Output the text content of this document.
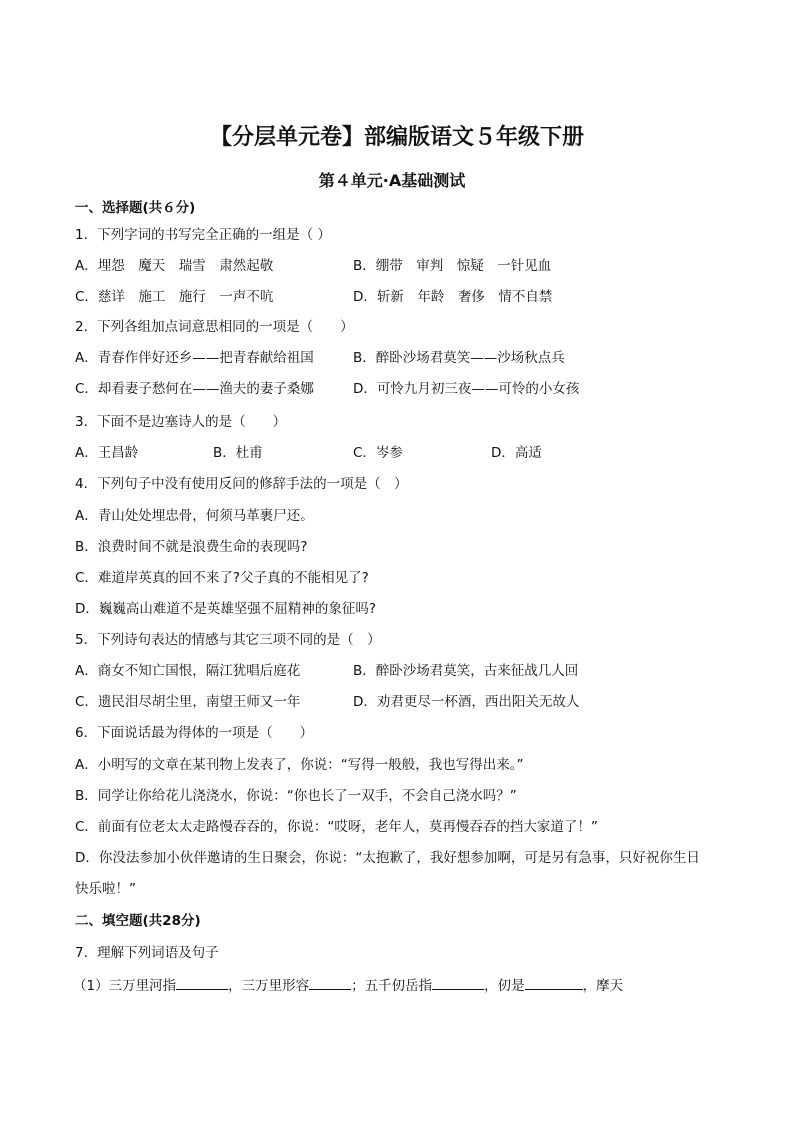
【分层单元卷】部编版语文５年级下册
第４单元·A基础测试
一、选择题(共６分)
1．下列字词的书写完全正确的一组是（ ）
A．埋怨　魔天　瑞雪　肃然起敬	B．绷带　审判　惊疑　一针见血
C．慈详　施工　施行　一声不吭	D．斩新　年龄　奢侈　情不自禁
2．下列各组加点词意思相同的一项是（　　）
A．青春作伴好还乡——把青春献给祖国	B．醉卧沙场君莫笑——沙场秋点兵
C．却看妻子愁何在——渔夫的妻子桑娜	D．可怜九月初三夜——可怜的小女孩
3．下面不是边塞诗人的是（　　）
A．王昌龄	B．杜甫	C．岑参	D．高适
4．下列句子中没有使用反问的修辞手法的一项是（　）
A．青山处处埋忠骨，何须马革裹尸还。
B．浪费时间不就是浪费生命的表现吗?
C．难道岸英真的回不来了?父子真的不能相见了?
D．巍巍高山难道不是英雄坚强不屈精神的象征吗?
5．下列诗句表达的情感与其它三项不同的是（　）
A．商女不知亡国恨，隔江犹唱后庭花	B．醉卧沙场君莫笑，古来征战几人回
C．遗民泪尽胡尘里，南望王师又一年	D．劝君更尽一杯酒，西出阳关无故人
6．下面说话最为得体的一项是（　　）
A．小明写的文章在某刊物上发表了，你说：“写得一般般，我也写得出来。”
B．同学让你给花儿浇浇水，你说：“你也长了一双手，不会自己浇水吗？”
C．前面有位老太太走路慢吞吞的，你说：“哎呀，老年人，莫再慢吞吞的挡大家道了！”
D．你没法参加小伙伴邀请的生日聚会，你说：“太抱歉了，我好想参加啊，可是另有急事，只好祝你生日
快乐啦！”
二、填空题(共28分)
7．理解下列词语及句子
（1）三万里河指	，三万里形容	；五千仞岳指	，仞是	，摩天
